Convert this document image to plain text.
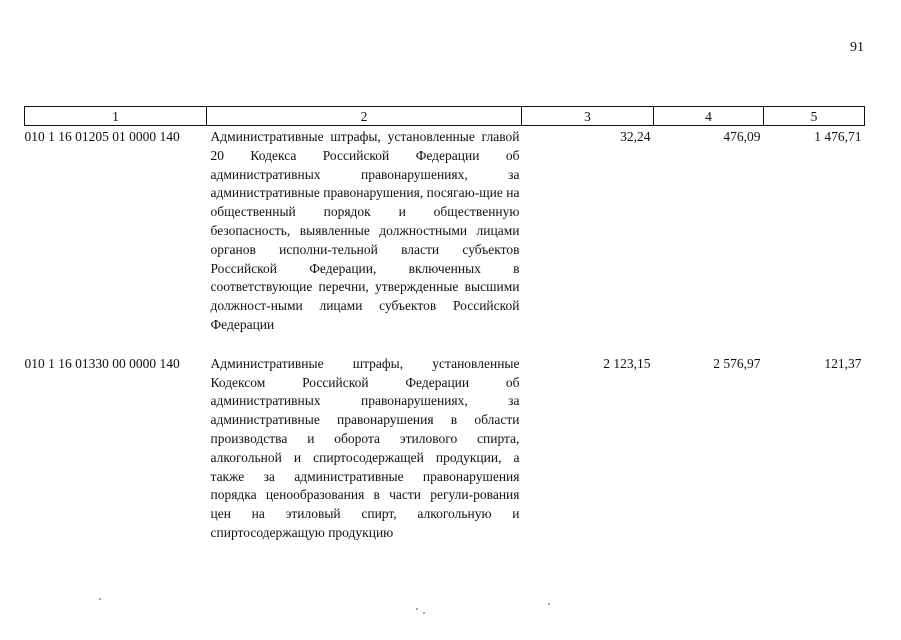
91
1	2	3	4	5
010 1 16 01205 01 0000 140	Административные штрафы, установленные главой 20 Кодекса Российской Федерации об административных правонарушениях, за административные правонарушения, посягаю-щие на общественный порядок и общественную безопасность, выявленные должностными лицами органов исполни-тельной власти субъектов Российской Федерации, включенных в соответствующие перечни, утвержденные высшими должност-ными лицами субъектов Российской Федерации	32,24	476,09	1 476,71

010 1 16 01330 00 0000 140	Административные штрафы, установленные Кодексом Российской Федерации об административных правонарушениях, за административные правонарушения в области производства и оборота этилового спирта, алкогольной и спиртосодержащей продукции, а также за административные правонарушения порядка ценообразования в части регули-рования цен на этиловый спирт, алкогольную и спиртосодержащую продукцию	2 123,15	2 576,97	121,37
